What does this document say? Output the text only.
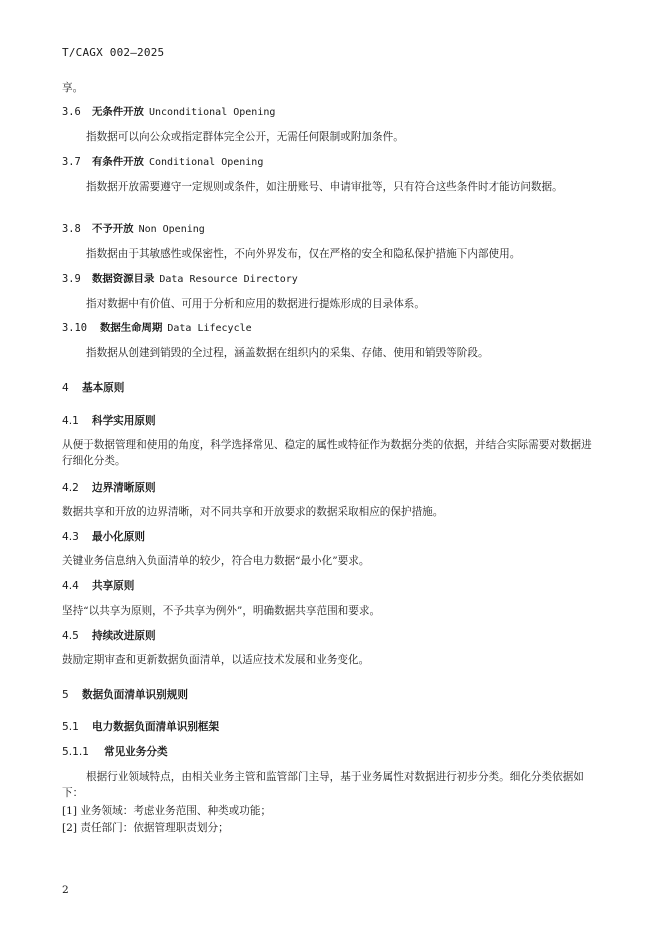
T/CAGX 002—2025
享。
3.6 无条件开放 Unconditional Opening
指数据可以向公众或指定群体完全公开，无需任何限制或附加条件。
3.7 有条件开放 Conditional Opening
指数据开放需要遵守一定规则或条件，如注册账号、申请审批等，只有符合这些条件时才能访问数据。
3.8 不予开放 Non Opening
指数据由于其敏感性或保密性，不向外界发布，仅在严格的安全和隐私保护措施下内部使用。
3.9 数据资源目录 Data Resource Directory
指对数据中有价值、可用于分析和应用的数据进行提炼形成的目录体系。
3.10 数据生命周期 Data Lifecycle
指数据从创建到销毁的全过程，涵盖数据在组织内的采集、存储、使用和销毁等阶段。
4 基本原则
4.1 科学实用原则
从便于数据管理和使用的角度，科学选择常见、稳定的属性或特征作为数据分类的依据，并结合实际需要对数据进行细化分类。
4.2 边界清晰原则
数据共享和开放的边界清晰，对不同共享和开放要求的数据采取相应的保护措施。
4.3 最小化原则
关键业务信息纳入负面清单的较少，符合电力数据“最小化”要求。
4.4 共享原则
坚持“以共享为原则，不予共享为例外”，明确数据共享范围和要求。
4.5 持续改进原则
鼓励定期审查和更新数据负面清单，以适应技术发展和业务变化。
5 数据负面清单识别规则
5.1 电力数据负面清单识别框架
5.1.1 常见业务分类
根据行业领域特点，由相关业务主管和监管部门主导，基于业务属性对数据进行初步分类。细化分类依据如下：
[1] 业务领域：考虑业务范围、种类或功能；
[2] 责任部门：依据管理职责划分；
2
